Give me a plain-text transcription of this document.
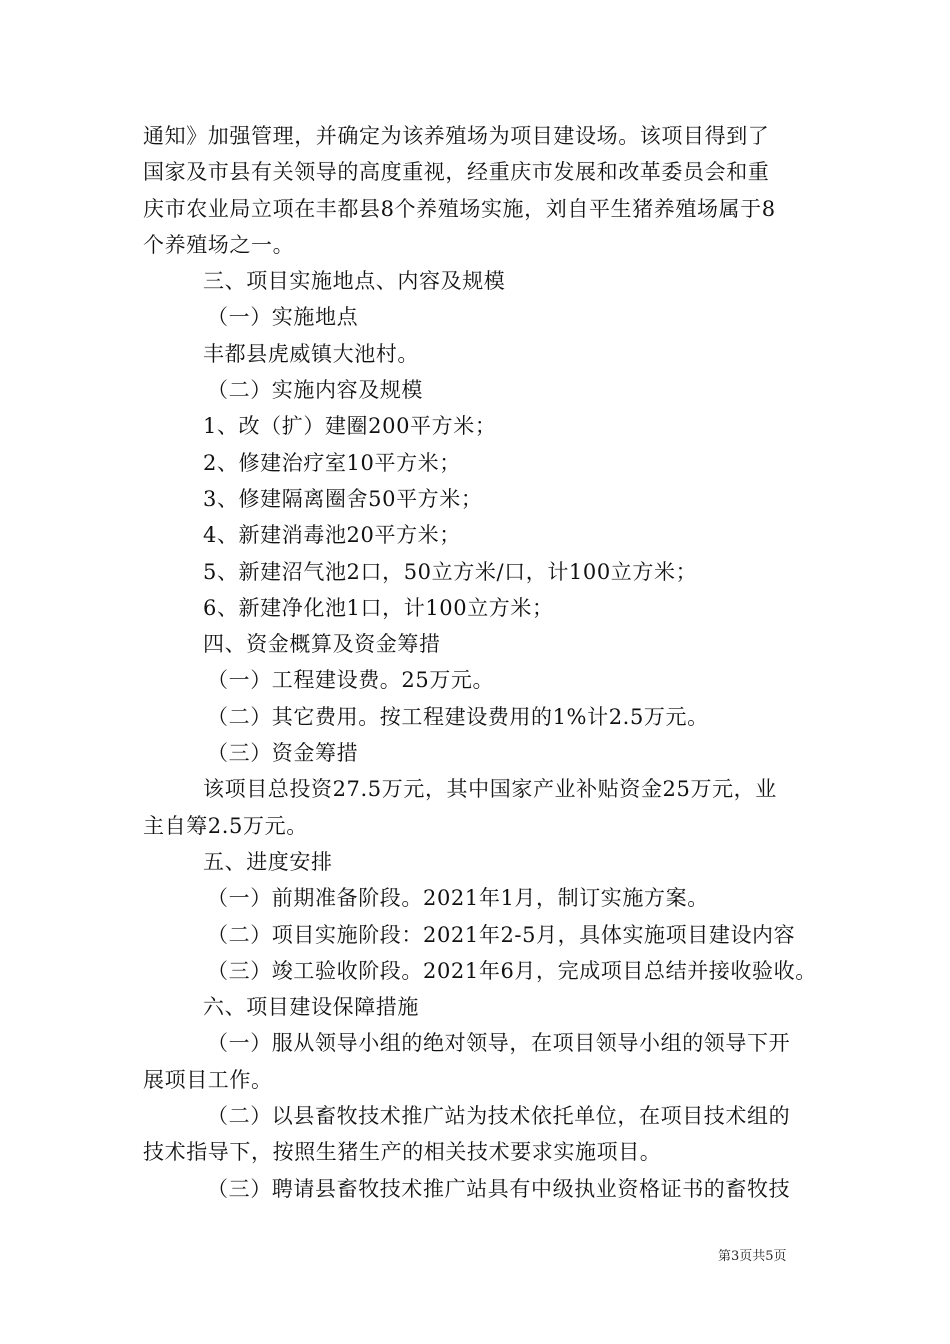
通知》加强管理，并确定为该养殖场为项目建设场。该项目得到了
国家及市县有关领导的高度重视，经重庆市发展和改革委员会和重
庆市农业局立项在丰都县8个养殖场实施，刘自平生猪养殖场属于8
个养殖场之一。
三、项目实施地点、内容及规模
（一）实施地点
丰都县虎威镇大池村。
（二）实施内容及规模
1、改（扩）建圈200平方米；
2、修建治疗室10平方米；
3、修建隔离圈舍50平方米；
4、新建消毒池20平方米；
5、新建沼气池2口，50立方米/口，计100立方米；
6、新建净化池1口，计100立方米；
四、资金概算及资金筹措
（一）工程建设费。25万元。
（二）其它费用。按工程建设费用的1%计2.5万元。
（三）资金筹措
该项目总投资27.5万元，其中国家产业补贴资金25万元，业
主自筹2.5万元。
五、进度安排
（一）前期准备阶段。2021年1月，制订实施方案。
（二）项目实施阶段：2021年2-5月，具体实施项目建设内容
（三）竣工验收阶段。2021年6月，完成项目总结并接收验收。
六、项目建设保障措施
（一）服从领导小组的绝对领导，在项目领导小组的领导下开
展项目工作。
（二）以县畜牧技术推广站为技术依托单位，在项目技术组的
技术指导下，按照生猪生产的相关技术要求实施项目。
（三）聘请县畜牧技术推广站具有中级执业资格证书的畜牧技
第3页共5页
